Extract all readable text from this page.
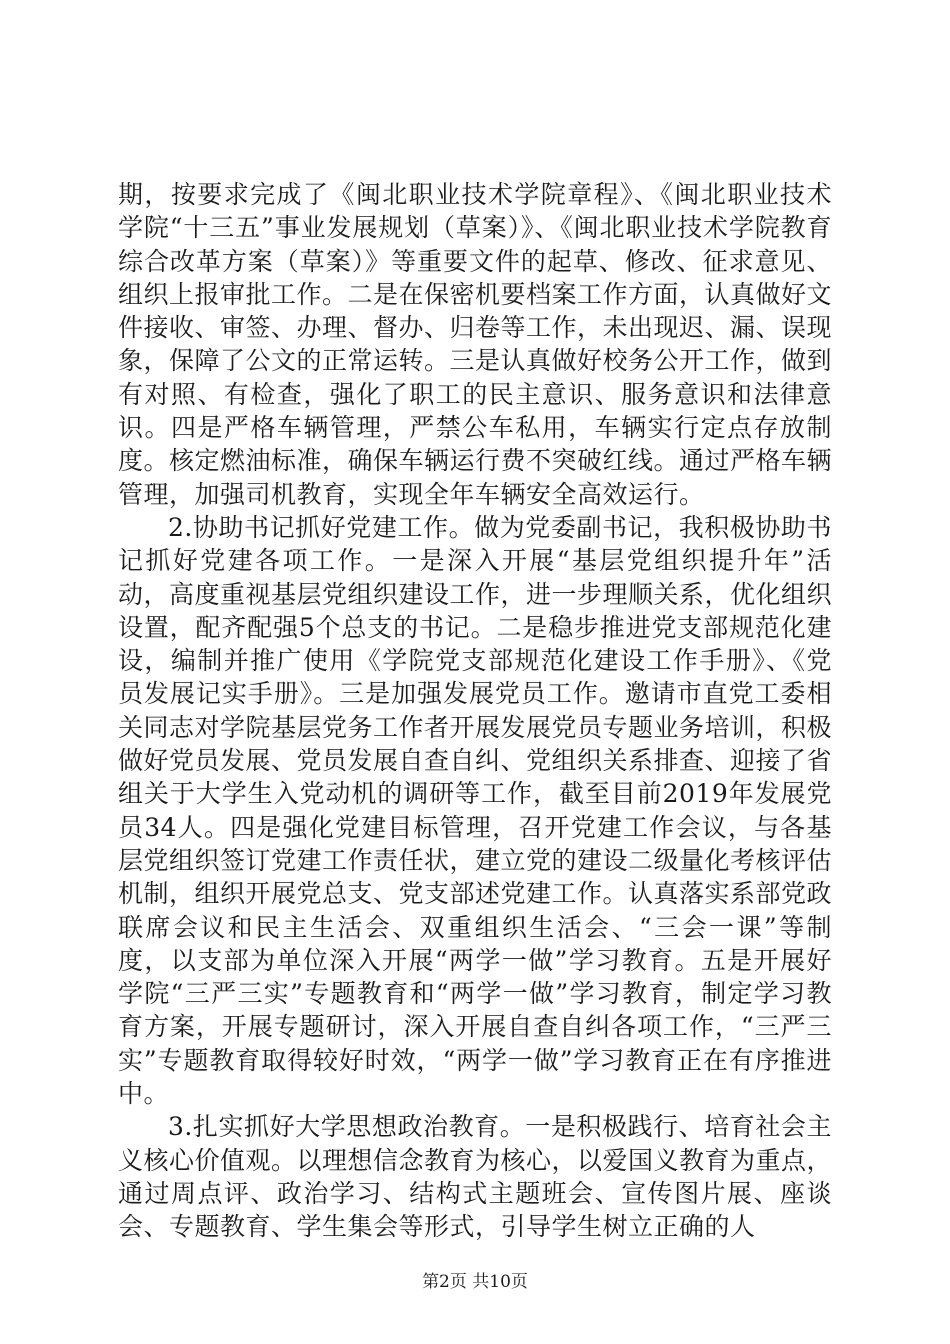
期，按要求完成了《闽北职业技术学院章程》、《闽北职业技术学院“十三五”事业发展规划（草案）》、《闽北职业技术学院教育综合改革方案（草案）》等重要文件的起草、修改、征求意见、组织上报审批工作。二是在保密机要档案工作方面，认真做好文件接收、审签、办理、督办、归卷等工作，未出现迟、漏、误现象，保障了公文的正常运转。三是认真做好校务公开工作，做到有对照、有检查，强化了职工的民主意识、服务意识和法律意识。四是严格车辆管理，严禁公车私用，车辆实行定点存放制度。核定燃油标准，确保车辆运行费不突破红线。通过严格车辆管理，加强司机教育，实现全年车辆安全高效运行。

2.协助书记抓好党建工作。做为党委副书记，我积极协助书记抓好党建各项工作。一是深入开展“基层党组织提升年”活动，高度重视基层党组织建设工作，进一步理顺关系，优化组织设置，配齐配强5个总支的书记。二是稳步推进党支部规范化建设，编制并推广使用《学院党支部规范化建设工作手册》、《党员发展记实手册》。三是加强发展党员工作。邀请市直党工委相关同志对学院基层党务工作者开展发展党员专题业务培训，积极做好党员发展、党员发展自查自纠、党组织关系排查、迎接了省组关于大学生入党动机的调研等工作，截至目前2019年发展党员34人。四是强化党建目标管理，召开党建工作会议，与各基层党组织签订党建工作责任状，建立党的建设二级量化考核评估机制，组织开展党总支、党支部述党建工作。认真落实系部党政联席会议和民主生活会、双重组织生活会、“三会一课”等制度，以支部为单位深入开展“两学一做”学习教育。五是开展好学院“三严三实”专题教育和“两学一做”学习教育，制定学习教育方案，开展专题研讨，深入开展自查自纠各项工作，“三严三实”专题教育取得较好时效，“两学一做”学习教育正在有序推进中。

3.扎实抓好大学思想政治教育。一是积极践行、培育社会主义核心价值观。以理想信念教育为核心，以爱国义教育为重点，通过周点评、政治学习、结构式主题班会、宣传图片展、座谈会、专题教育、学生集会等形式，引导学生树立正确的人

第2页 共10页
